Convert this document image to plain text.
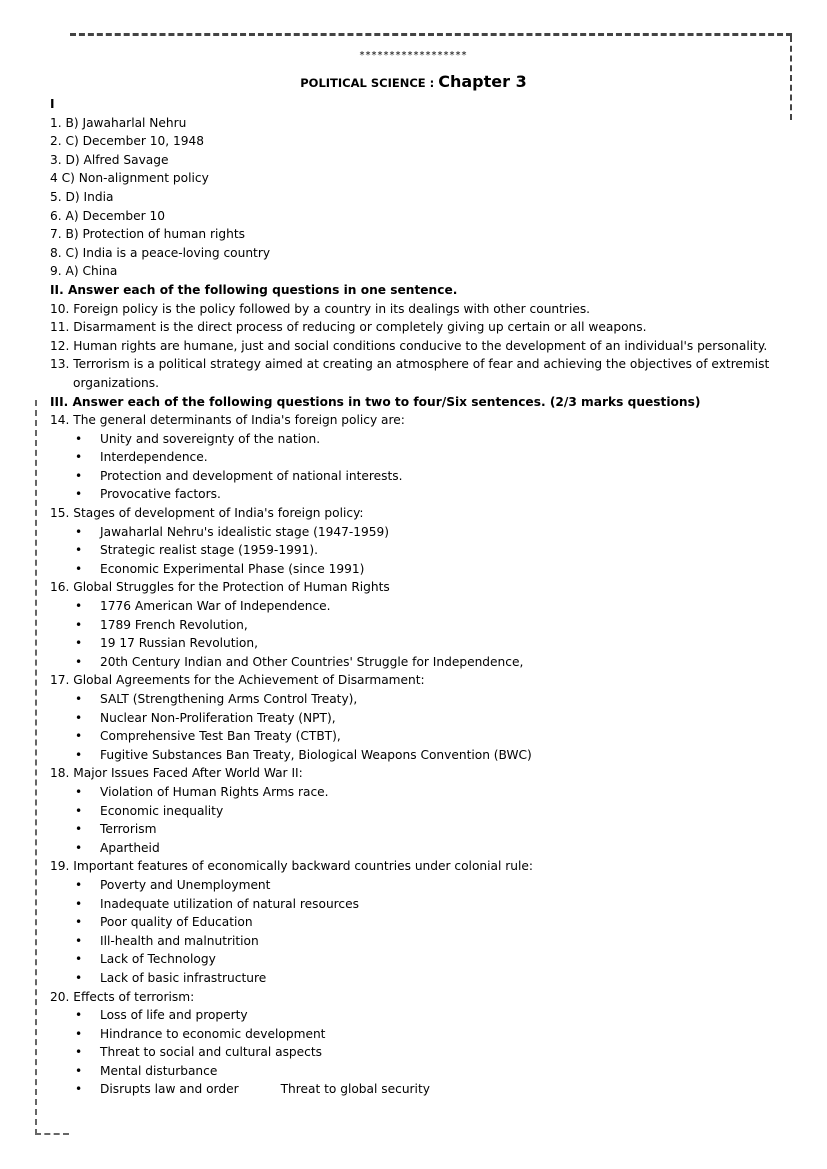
******************
POLITICAL SCIENCE : Chapter 3
I
1. B) Jawaharlal Nehru
2. C) December 10, 1948
3. D) Alfred Savage
4 C) Non-alignment policy
5. D) India
6. A) December 10
7. B) Protection of human rights
8. C) India is a peace-loving country
9. A) China
II. Answer each of the following questions in one sentence.
10. Foreign policy is the policy followed by a country in its dealings with other countries.
11. Disarmament is the direct process of reducing or completely giving up certain or all weapons.
12. Human rights are humane, just and social conditions conducive to the development of an individual's personality.
13. Terrorism is a political strategy aimed at creating an atmosphere of fear and achieving the objectives of extremist organizations.
III. Answer each of the following questions in two to four/Six sentences. (2/3 marks questions)
14. The general determinants of India's foreign policy are:
• Unity and sovereignty of the nation.
• Interdependence.
• Protection and development of national interests.
• Provocative factors.
15. Stages of development of India's foreign policy:
• Jawaharlal Nehru's idealistic stage (1947-1959)
• Strategic realist stage (1959-1991).
• Economic Experimental Phase (since 1991)
16. Global Struggles for the Protection of Human Rights
• 1776 American War of Independence.
• 1789 French Revolution,
• 19 17 Russian Revolution,
• 20th Century Indian and Other Countries' Struggle for Independence,
17. Global Agreements for the Achievement of Disarmament:
• SALT (Strengthening Arms Control Treaty),
• Nuclear Non-Proliferation Treaty (NPT),
• Comprehensive Test Ban Treaty (CTBT),
• Fugitive Substances Ban Treaty, Biological Weapons Convention (BWC)
18. Major Issues Faced After World War II:
• Violation of Human Rights Arms race.
• Economic inequality
• Terrorism
• Apartheid
19. Important features of economically backward countries under colonial rule:
• Poverty and Unemployment
• Inadequate utilization of natural resources
• Poor quality of Education
• Ill-health and malnutrition
• Lack of Technology
• Lack of basic infrastructure
20. Effects of terrorism:
• Loss of life and property
• Hindrance to economic development
• Threat to social and cultural aspects
• Mental disturbance
• Disrupts law and order	Threat to global security
